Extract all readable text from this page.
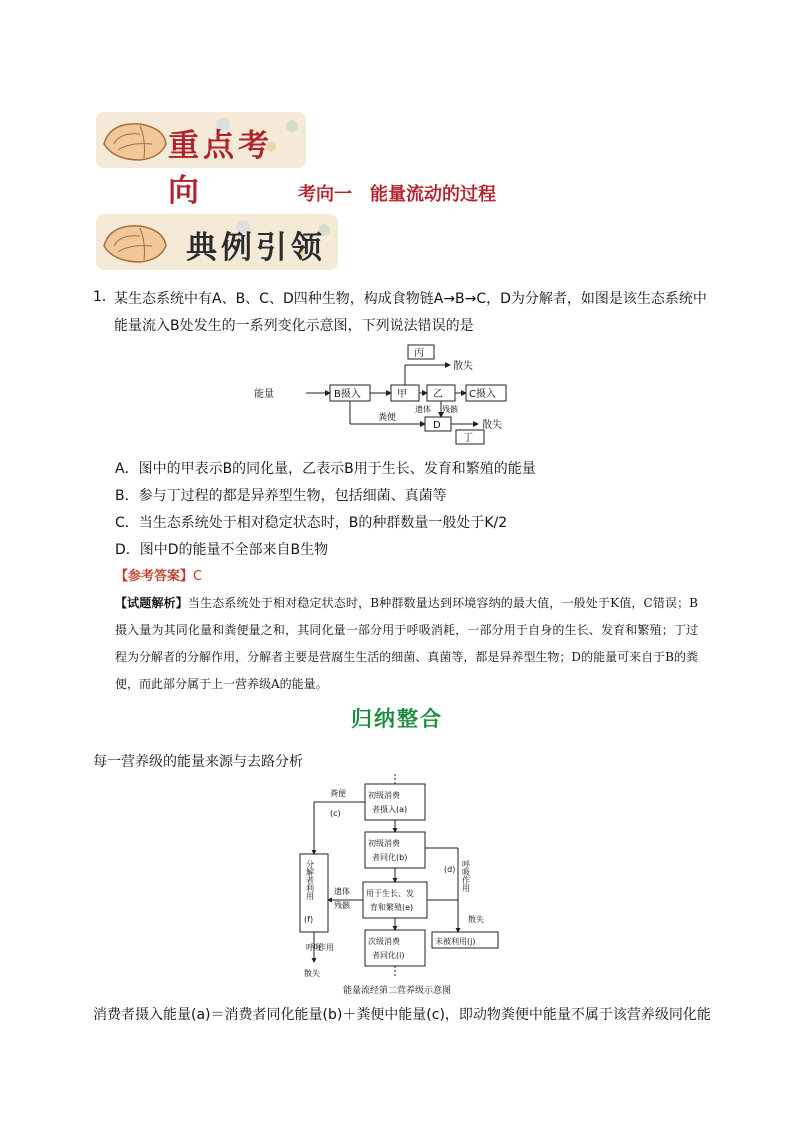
重点考向	考向一　能量流动的过程
典例引领
1．
某生态系统中有A、B、C、D四种生物，构成食物链A→B→C，D为分解者，如图是该生态系统中能量流入B处发生的一系列变化示意图，下列说法错误的是
能量	B摄入	甲
丙
散失
乙	C摄入
遗体 残骸
粪便
D	散失
丁
A．图中的甲表示B的同化量，乙表示B用于生长、发育和繁殖的能量
B．参与丁过程的都是异养型生物，包括细菌、真菌等
C．当生态系统处于相对稳定状态时，B的种群数量一般处于K/2
D．图中D的能量不全部来自B生物
【参考答案】C
【试题解析】当生态系统处于相对稳定状态时，B种群数量达到环境容纳的最大值，一般处于K值，C错误；B摄入量为其同化量和粪便量之和，其同化量一部分用于呼吸消耗，一部分用于自身的生长、发育和繁殖；丁过程为分解者的分解作用，分解者主要是营腐生生活的细菌、真菌等，都是异养型生物；D的能量可来自于B的粪便，而此部分属于上一营养级A的能量。
归纳整合
每一营养级的能量来源与去路分析
初级消费
者摄入(a)
初级消费
者同化(b)
用于生长、发
育和繁殖(e)
次级消费
者同化(i)
未被利用(j)
粪便
(c)
(d)
散失
遗体
残骸
呼吸
作用
散失
呼吸作用
分解者利用
(f)
能量流经第二营养级示意图
消费者摄入能量(a)＝消费者同化能量(b)＋粪便中能量(c)，即动物粪便中能量不属于该营养级同化能
